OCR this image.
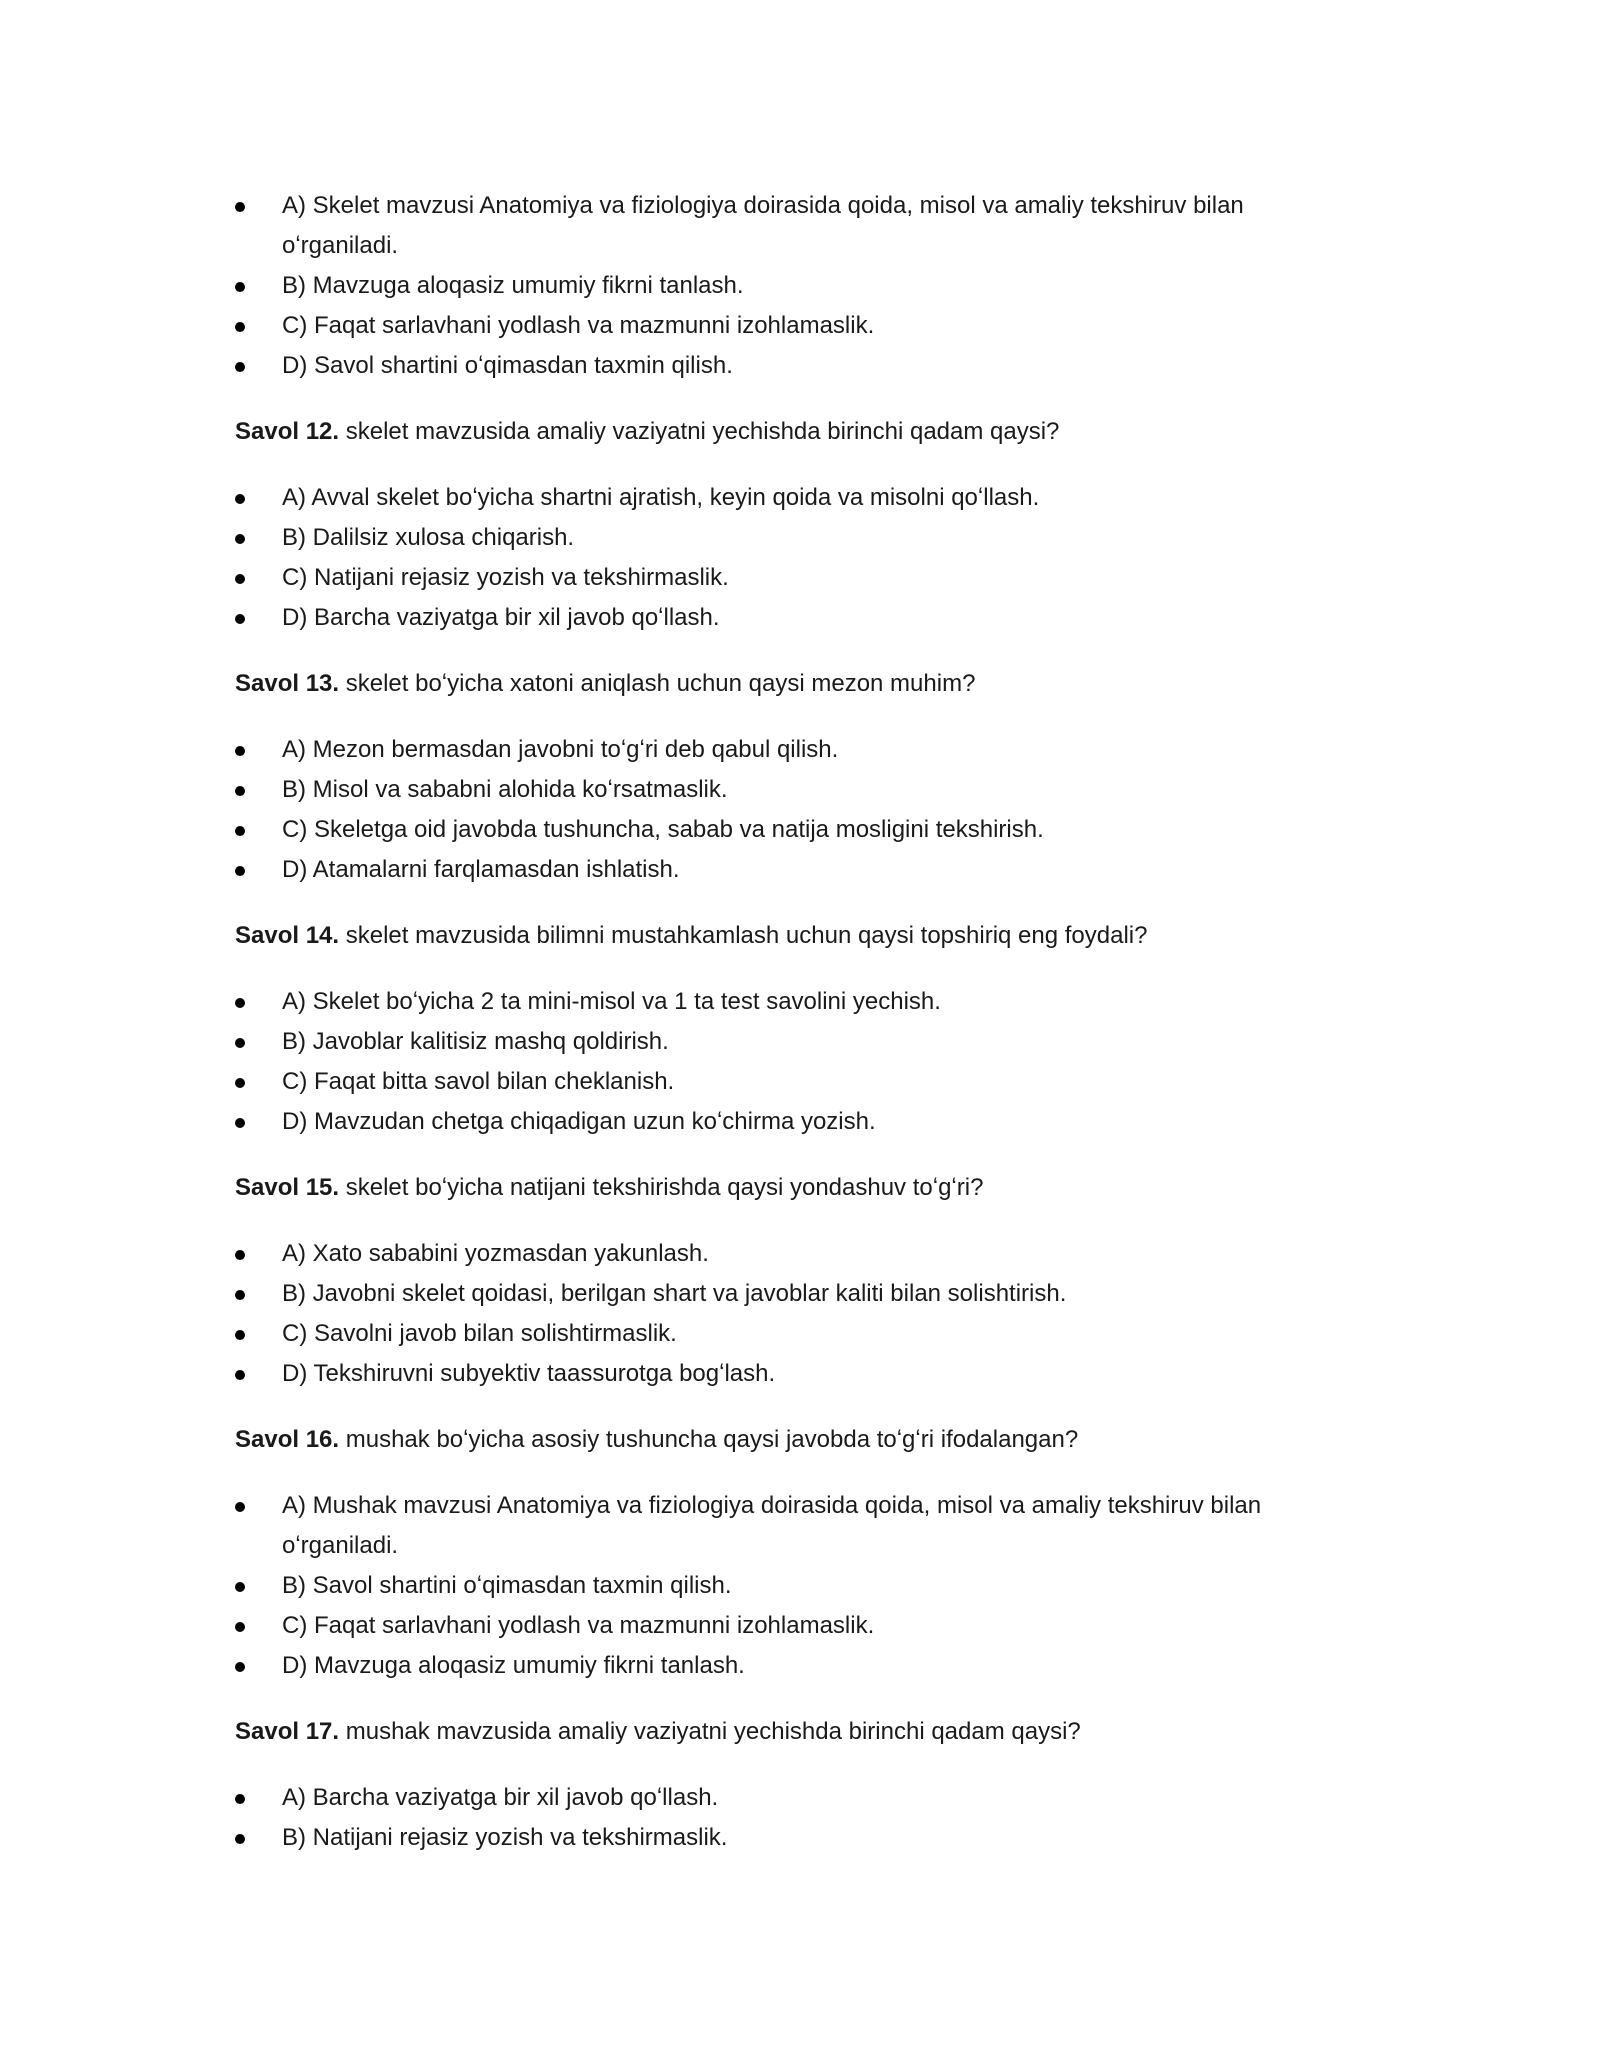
A) Skelet mavzusi Anatomiya va fiziologiya doirasida qoida, misol va amaliy tekshiruv bilan oʻrganiladi.
B) Mavzuga aloqasiz umumiy fikrni tanlash.
C) Faqat sarlavhani yodlash va mazmunni izohlamaslik.
D) Savol shartini oʻqimasdan taxmin qilish.

Savol 12. skelet mavzusida amaliy vaziyatni yechishda birinchi qadam qaysi?

A) Avval skelet boʻyicha shartni ajratish, keyin qoida va misolni qoʻllash.
B) Dalilsiz xulosa chiqarish.
C) Natijani rejasiz yozish va tekshirmaslik.
D) Barcha vaziyatga bir xil javob qoʻllash.

Savol 13. skelet boʻyicha xatoni aniqlash uchun qaysi mezon muhim?

A) Mezon bermasdan javobni toʻgʻri deb qabul qilish.
B) Misol va sababni alohida koʻrsatmaslik.
C) Skeletga oid javobda tushuncha, sabab va natija mosligini tekshirish.
D) Atamalarni farqlamasdan ishlatish.

Savol 14. skelet mavzusida bilimni mustahkamlash uchun qaysi topshiriq eng foydali?

A) Skelet boʻyicha 2 ta mini-misol va 1 ta test savolini yechish.
B) Javoblar kalitisiz mashq qoldirish.
C) Faqat bitta savol bilan cheklanish.
D) Mavzudan chetga chiqadigan uzun koʻchirma yozish.

Savol 15. skelet boʻyicha natijani tekshirishda qaysi yondashuv toʻgʻri?

A) Xato sababini yozmasdan yakunlash.
B) Javobni skelet qoidasi, berilgan shart va javoblar kaliti bilan solishtirish.
C) Savolni javob bilan solishtirmaslik.
D) Tekshiruvni subyektiv taassurotga bogʻlash.

Savol 16. mushak boʻyicha asosiy tushuncha qaysi javobda toʻgʻri ifodalangan?

A) Mushak mavzusi Anatomiya va fiziologiya doirasida qoida, misol va amaliy tekshiruv bilan oʻrganiladi.
B) Savol shartini oʻqimasdan taxmin qilish.
C) Faqat sarlavhani yodlash va mazmunni izohlamaslik.
D) Mavzuga aloqasiz umumiy fikrni tanlash.

Savol 17. mushak mavzusida amaliy vaziyatni yechishda birinchi qadam qaysi?

A) Barcha vaziyatga bir xil javob qoʻllash.
B) Natijani rejasiz yozish va tekshirmaslik.
